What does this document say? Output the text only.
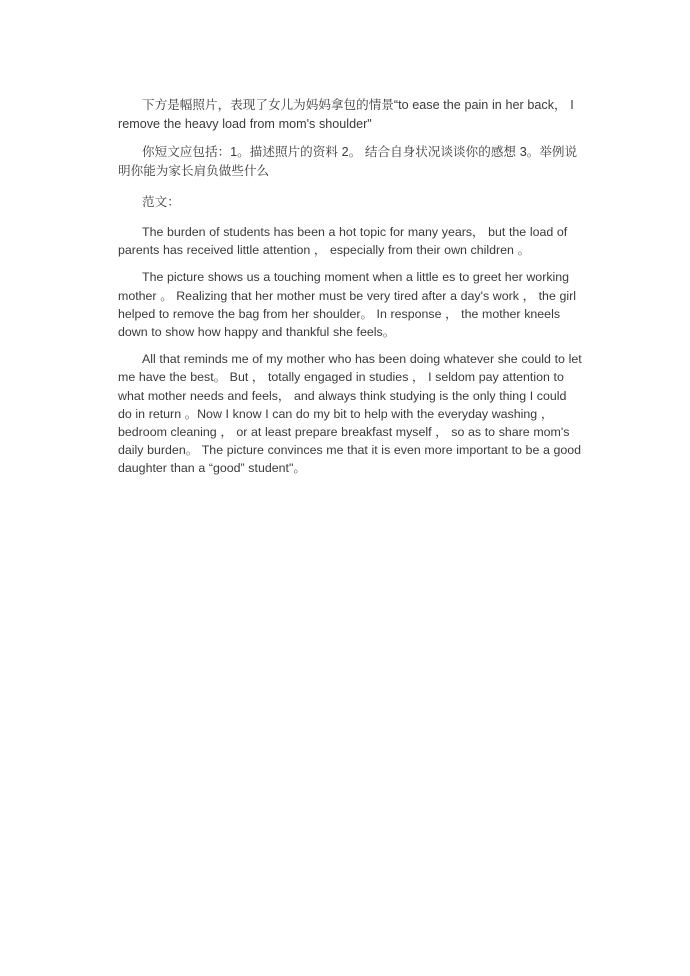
下方是幅照片，表现了女儿为妈妈拿包的情景“to ease the pain in her back， I remove the heavy load from mom's shoulder"

你短文应包括：1。描述照片的资料 2。 结合自身状况谈谈你的感想 3。举例说明你能为家长肩负做些什么

范文：

The burden of students has been a hot topic for many years， but the load of parents has received little attention ， especially from their own children 。

The picture shows us a touching moment when a little es to greet her working mother 。 Realizing that her mother must be very tired after a day's work ， the girl helped to remove the bag from her shoulder。 In response ， the mother kneels down to show how happy and thankful she feels。

All that reminds me of my mother who has been doing whatever she could to let me have the best。 But ， totally engaged in studies ， I seldom pay attention to what mother needs and feels， and always think studying is the only thing I could do in return 。Now I know I can do my bit to help with the everyday washing ， bedroom cleaning ， or at least prepare breakfast myself ， so as to share mom's daily burden。 The picture convinces me that it is even more important to be a good daughter than a “good” student"。
